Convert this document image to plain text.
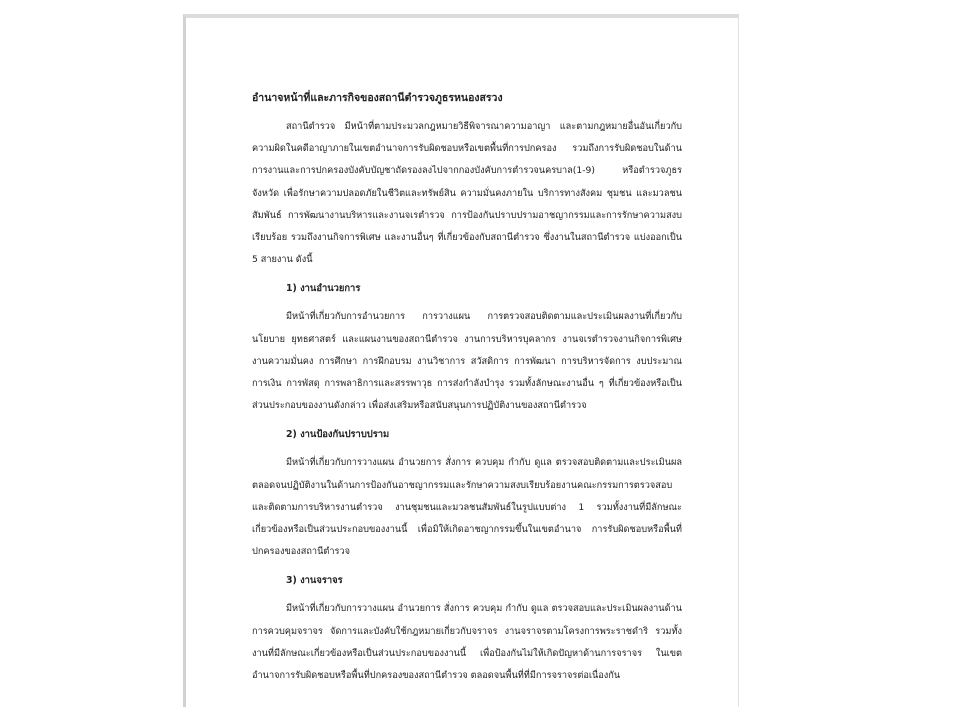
อำนาจหน้าที่และภารกิจของสถานีตำรวจภูธรหนองสรวง

สถานีตำรวจ มีหน้าที่ตามประมวลกฎหมายวิธีพิจารณาความอาญา และตามกฎหมายอื่นอันเกี่ยวกับความผิดในคดีอาญาภายในเขตอำนาจการรับผิดชอบหรือเขตพื้นที่การปกครอง รวมถึงการรับผิดชอบในด้านการงานและการปกครองบังคับบัญชาถัดรองลงไปจากกองบังคับการตำรวจนครบาล(1-9) หรือตำรวจภูธรจังหวัด เพื่อรักษาความปลอดภัยในชีวิตและทรัพย์สิน ความมั่นคงภายใน บริการทางสังคม ชุมชน และมวลชนสัมพันธ์ การพัฒนางานบริหารและงานจเรตำรวจ การป้องกันปราบปรามอาชญากรรมและการรักษาความสงบเรียบร้อย รวมถึงงานกิจการพิเศษ และงานอื่นๆ ที่เกี่ยวข้องกับสถานีตำรวจ ซึ่งงานในสถานีตำรวจ แบ่งออกเป็น 5 สายงาน ดังนี้

1) งานอำนวยการ

มีหน้าที่เกี่ยวกับการอำนวยการ การวางแผน การตรวจสอบติดตามและประเมินผลงานที่เกี่ยวกับนโยบาย ยุทธศาสตร์ และแผนงานของสถานีตำรวจ งานการบริหารบุคลากร งานจเรตำรวจงานกิจการพิเศษ งานความมั่นคง การศึกษา การฝึกอบรม งานวิชาการ สวัสดิการ การพัฒนา การบริหารจัดการ งบประมาณ การเงิน การพัสดุ การพลาธิการและสรรพาวุธ การส่งกำลังบำรุง รวมทั้งลักษณะงานอื่น ๆ ที่เกี่ยวข้องหรือเป็นส่วนประกอบของงานดังกล่าว เพื่อส่งเสริมหรือสนับสนุนการปฏิบัติงานของสถานีตำรวจ

2) งานป้องกันปราบปราม

มีหน้าที่เกี่ยวกับการวางแผน อำนวยการ สั่งการ ควบคุม กำกับ ดูแล ตรวจสอบติดตามและประเมินผล ตลอดจนปฏิบัติงานในด้านการป้องกันอาชญากรรมและรักษาความสงบเรียบร้อยงานคณะกรรมการตรวจสอบและติดตามการบริหารงานตำรวจ งานชุมชนและมวลชนสัมพันธ์ในรูปแบบต่าง 1 รวมทั้งงานที่มีลักษณะเกี่ยวข้องหรือเป็นส่วนประกอบของงานนี้ เพื่อมิให้เกิดอาชญากรรมขึ้นในเขตอำนาจ การรับผิดชอบหรือพื้นที่ปกครองของสถานีตำรวจ

3) งานจราจร

มีหน้าที่เกี่ยวกับการวางแผน อำนวยการ สั่งการ ควบคุม กำกับ ดูแล ตรวจสอบและประเมินผลงานด้านการควบคุมจราจร จัดการและบังคับใช้กฎหมายเกี่ยวกับจราจร งานจราจรตามโครงการพระราชดำริ รวมทั้งงานที่มีลักษณะเกี่ยวข้องหรือเป็นส่วนประกอบของงานนี้ เพื่อป้องกันไม่ให้เกิดปัญหาด้านการจราจร ในเขตอำนาจการรับผิดชอบหรือพื้นที่ปกครองของสถานีตำรวจ ตลอดจนพื้นที่ที่มีการจราจรต่อเนื่องกัน
